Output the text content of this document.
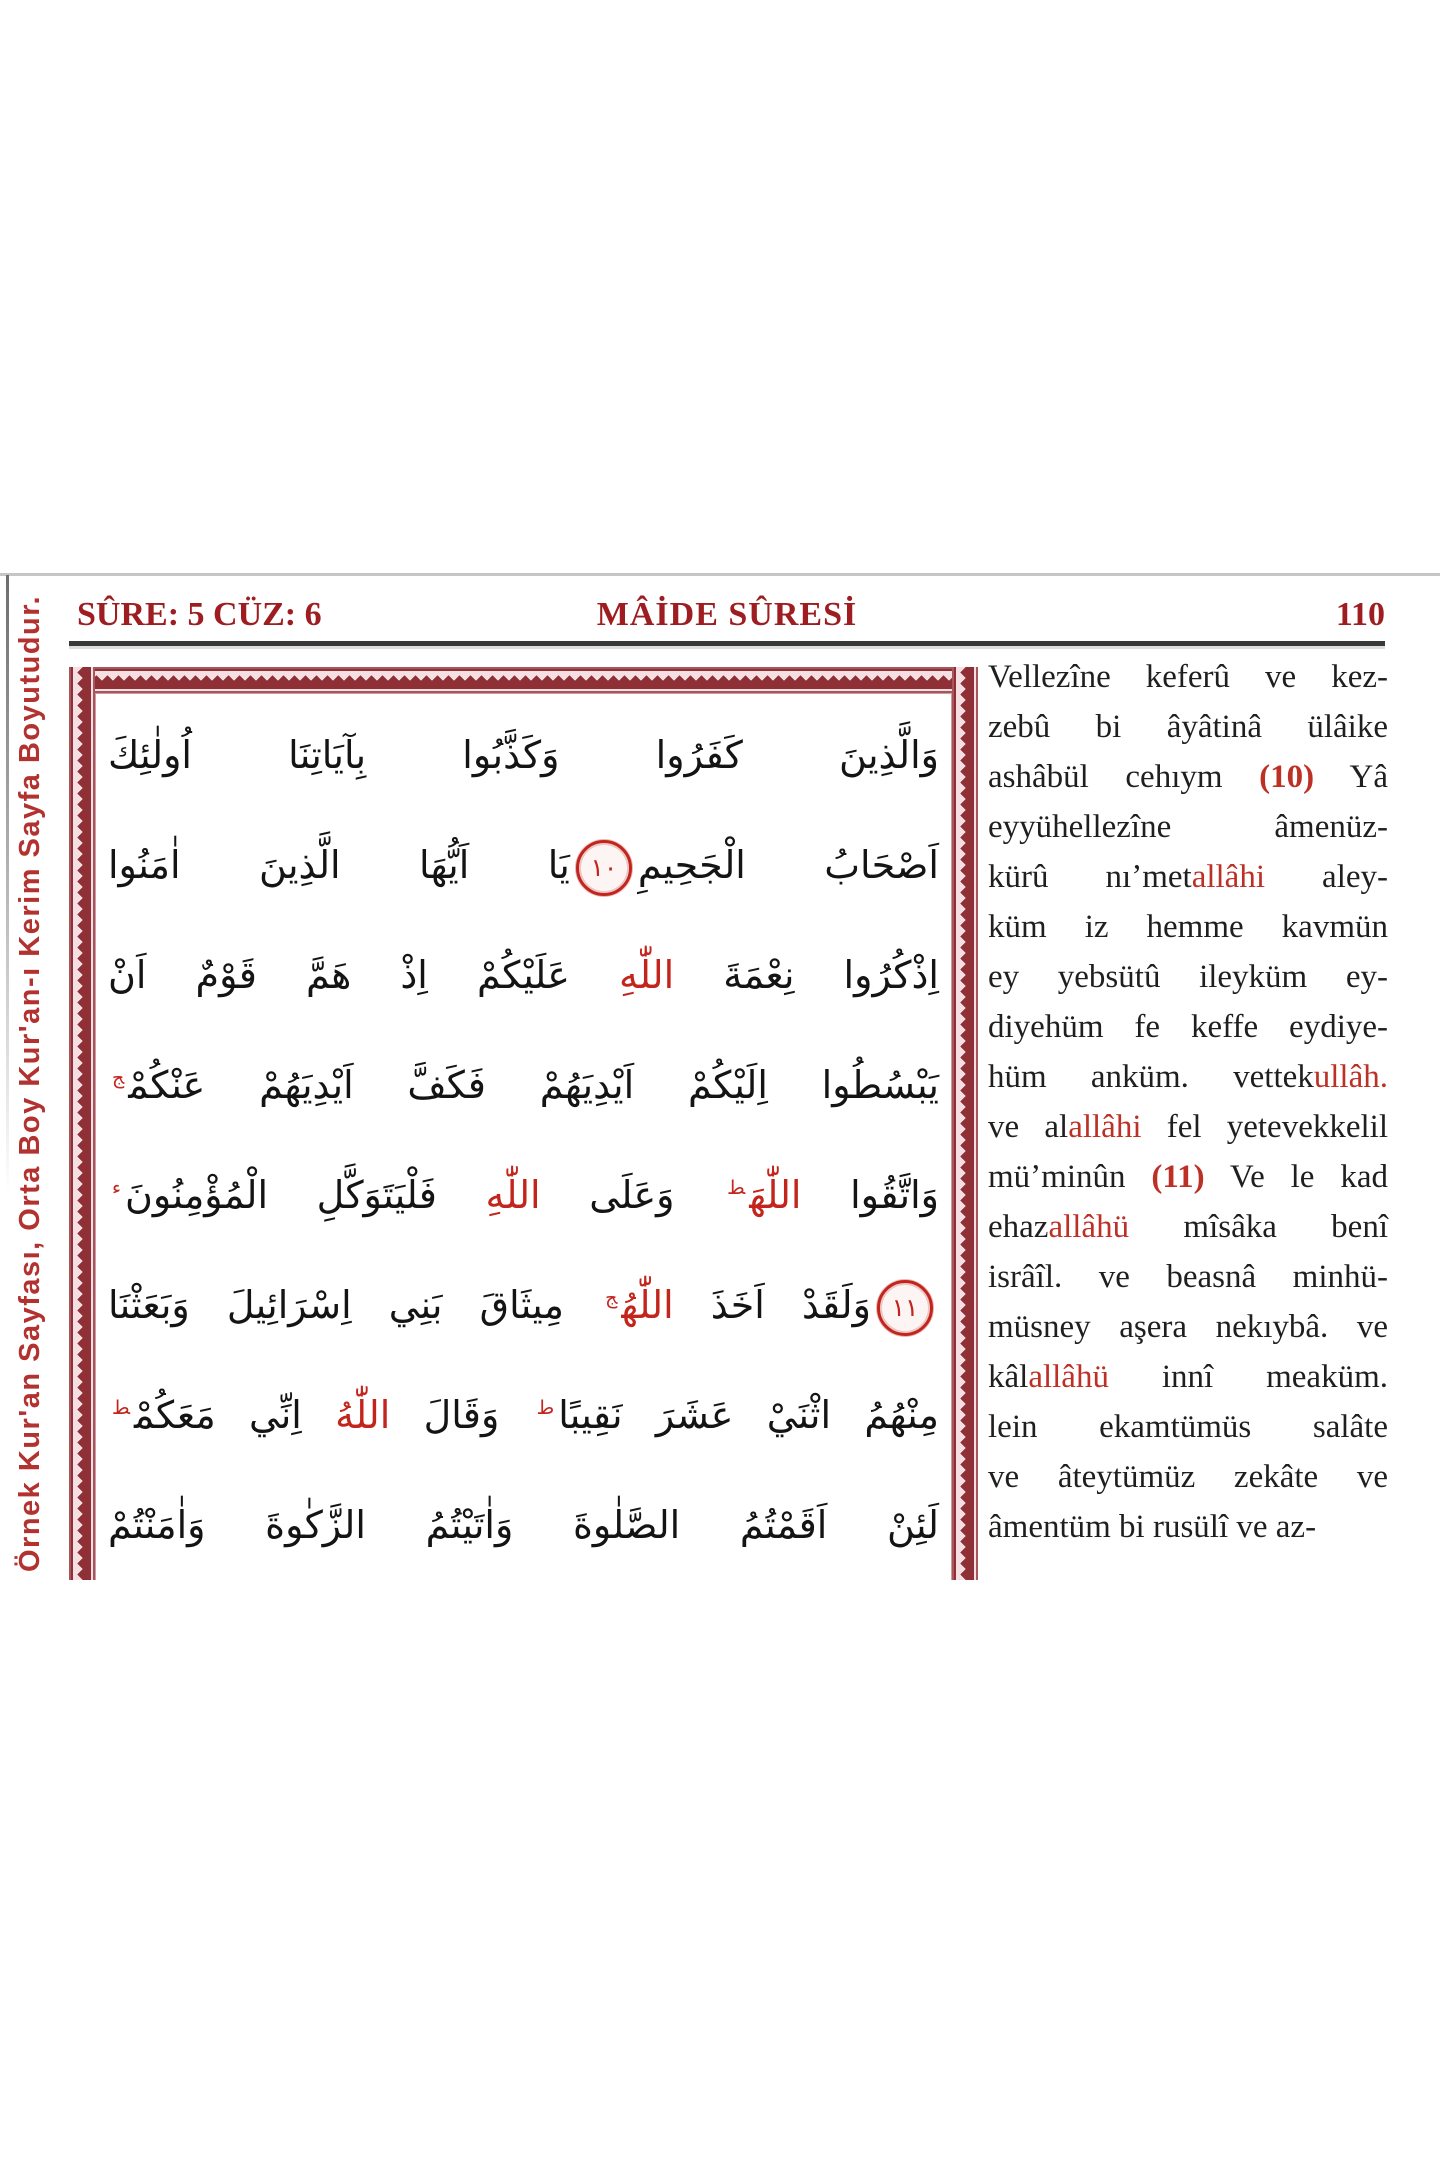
Örnek Kur'an Sayfası, Orta Boy Kur'an-ı Kerim Sayfa Boyutudur. SÛRE: 5 CÜZ: 6	MÂİDE SÛRESİ	110
وَالَّذِينَ كَفَرُوا وَكَذَّبُوا بِآيَاتِنَا اُولٰئِكَ
اَصْحَابُ الْجَحِيمِ
١٠
يَا اَيُّهَا الَّذِينَ اٰمَنُوا
اِذْكُرُوا نِعْمَةَ اللّٰهِ عَلَيْكُمْ اِذْ هَمَّ قَوْمٌ اَنْ
يَبْسُطُوا اِلَيْكُمْ اَيْدِيَهُمْ فَكَفَّ اَيْدِيَهُمْ عَنْكُمْ$^ج$
وَاتَّقُوا اللّٰهَ$^ط$ وَعَلَى اللّٰهِ فَلْيَتَوَكَّلِ الْمُؤْمِنُونَ$^ء$
١١
وَلَقَدْ اَخَذَ اللّٰهُ$^ج$ مِيثَاقَ بَنِي اِسْرَائِيلَ وَبَعَثْنَا
مِنْهُمُ اثْنَيْ عَشَرَ نَقِيبًا$^ط$ وَقَالَ اللّٰهُ اِنِّي مَعَكُمْ$^ط$
لَئِنْ اَقَمْتُمُ الصَّلٰوةَ وَاٰتَيْتُمُ الزَّكٰوةَ وَاٰمَنْتُمْ
Vellezîne keferû ve kez-
zebû bi âyâtinâ ülâike
ashâbül cehıym (10) Yâ
eyyühellezîne âmenüz-
kürû nıʼmetallâhi aley-
küm iz hemme kavmün
ey yebsütû ileyküm ey-
diyehüm fe keffe eydiye-
hüm anküm. vettekullâh.
ve alallâhi fel yetevekkelil
müʼminûn (11) Ve le kad
ehazallâhü mîsâka benî
isrâîl. ve beasnâ minhü-
müsney aşera nekıybâ. ve
kâlallâhü innî meaküm.
lein ekamtümüs salâte
ve âteytümüz zekâte ve
âmentüm bi rusülî ve az-
